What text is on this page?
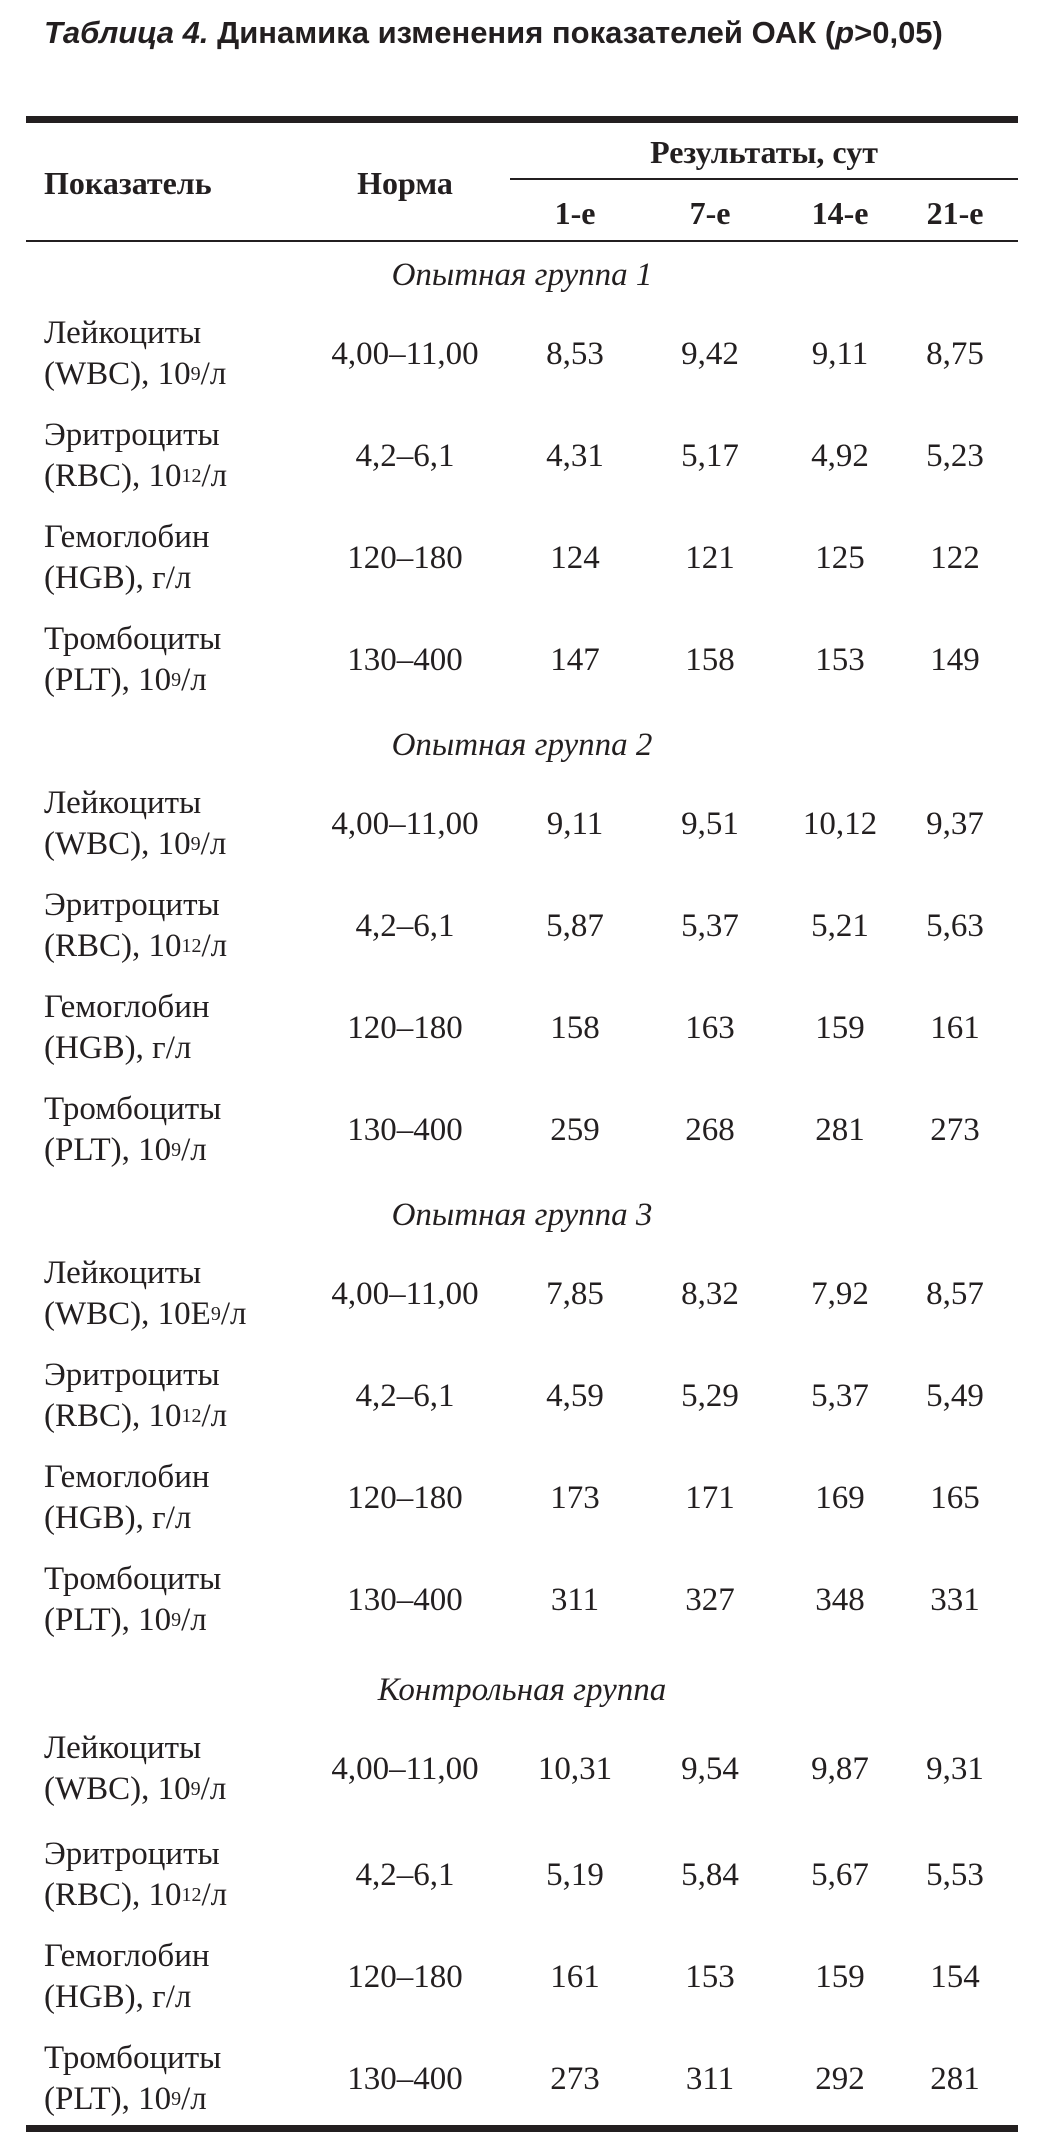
Таблица 4. Динамика изменения показателей ОАК (p>0,05)
Показатель	Норма
Результаты, сут
1-е	7-е	14-е	21-е
Опытная группа 1
Лейкоциты
(WBC), $10^9/л$
4,00–11,00	8,53	9,42	9,11	8,75
Эритроциты
(RBC), $10^{12}/л$
4,2–6,1	4,31	5,17	4,92	5,23
Гемоглобин
(HGB), г/л
120–180	124	121	125	122
Тромбоциты
(PLT), $10^9/л$
130–400	147	158	153	149
Опытная группа 2
Лейкоциты
(WBC), $10^9/л$
4,00–11,00	9,11	9,51	10,12	9,37
Эритроциты
(RBC), $10^{12}/л$
4,2–6,1	5,87	5,37	5,21	5,63
Гемоглобин
(HGB), г/л
120–180	158	163	159	161
Тромбоциты
(PLT), $10^9/л$
130–400	259	268	281	273
Опытная группа 3
Лейкоциты
(WBC), $10E^9/л$
4,00–11,00	7,85	8,32	7,92	8,57
Эритроциты
(RBC), $10^{12}/л$
4,2–6,1	4,59	5,29	5,37	5,49
Гемоглобин
(HGB), г/л
120–180	173	171	169	165
Тромбоциты
(PLT), $10^9/л$
130–400	311	327	348	331
Контрольная группа
Лейкоциты
(WBC), $10^9/л$
4,00–11,00	10,31	9,54	9,87	9,31
Эритроциты
(RBC), $10^{12}/л$
4,2–6,1	5,19	5,84	5,67	5,53
Гемоглобин
(HGB), г/л
120–180	161	153	159	154
Тромбоциты
(PLT), $10^9/л$
130–400	273	311	292	281
